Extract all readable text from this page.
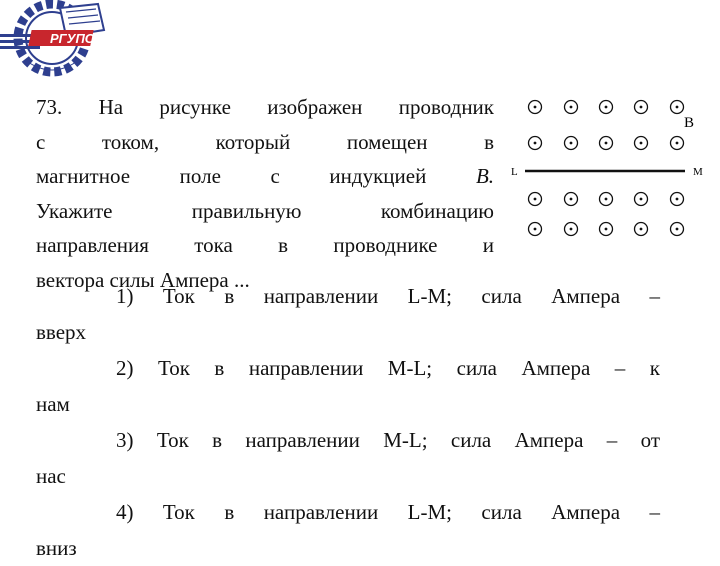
РГУПС

73. На рисунке изображен проводник
с током, который помещен в
магнитное поле с индукцией B.
Укажите правильную комбинацию
направления тока в проводнике и
вектора силы Ампера ...

1) Ток в направлении L-M; сила Ампера –
вверх
2) Ток в направлении M-L; сила Ампера – к
нам
3) Ток в направлении M-L; сила Ампера – от
нас
4) Ток в направлении L-M; сила Ампера –
вниз
L	M
В
